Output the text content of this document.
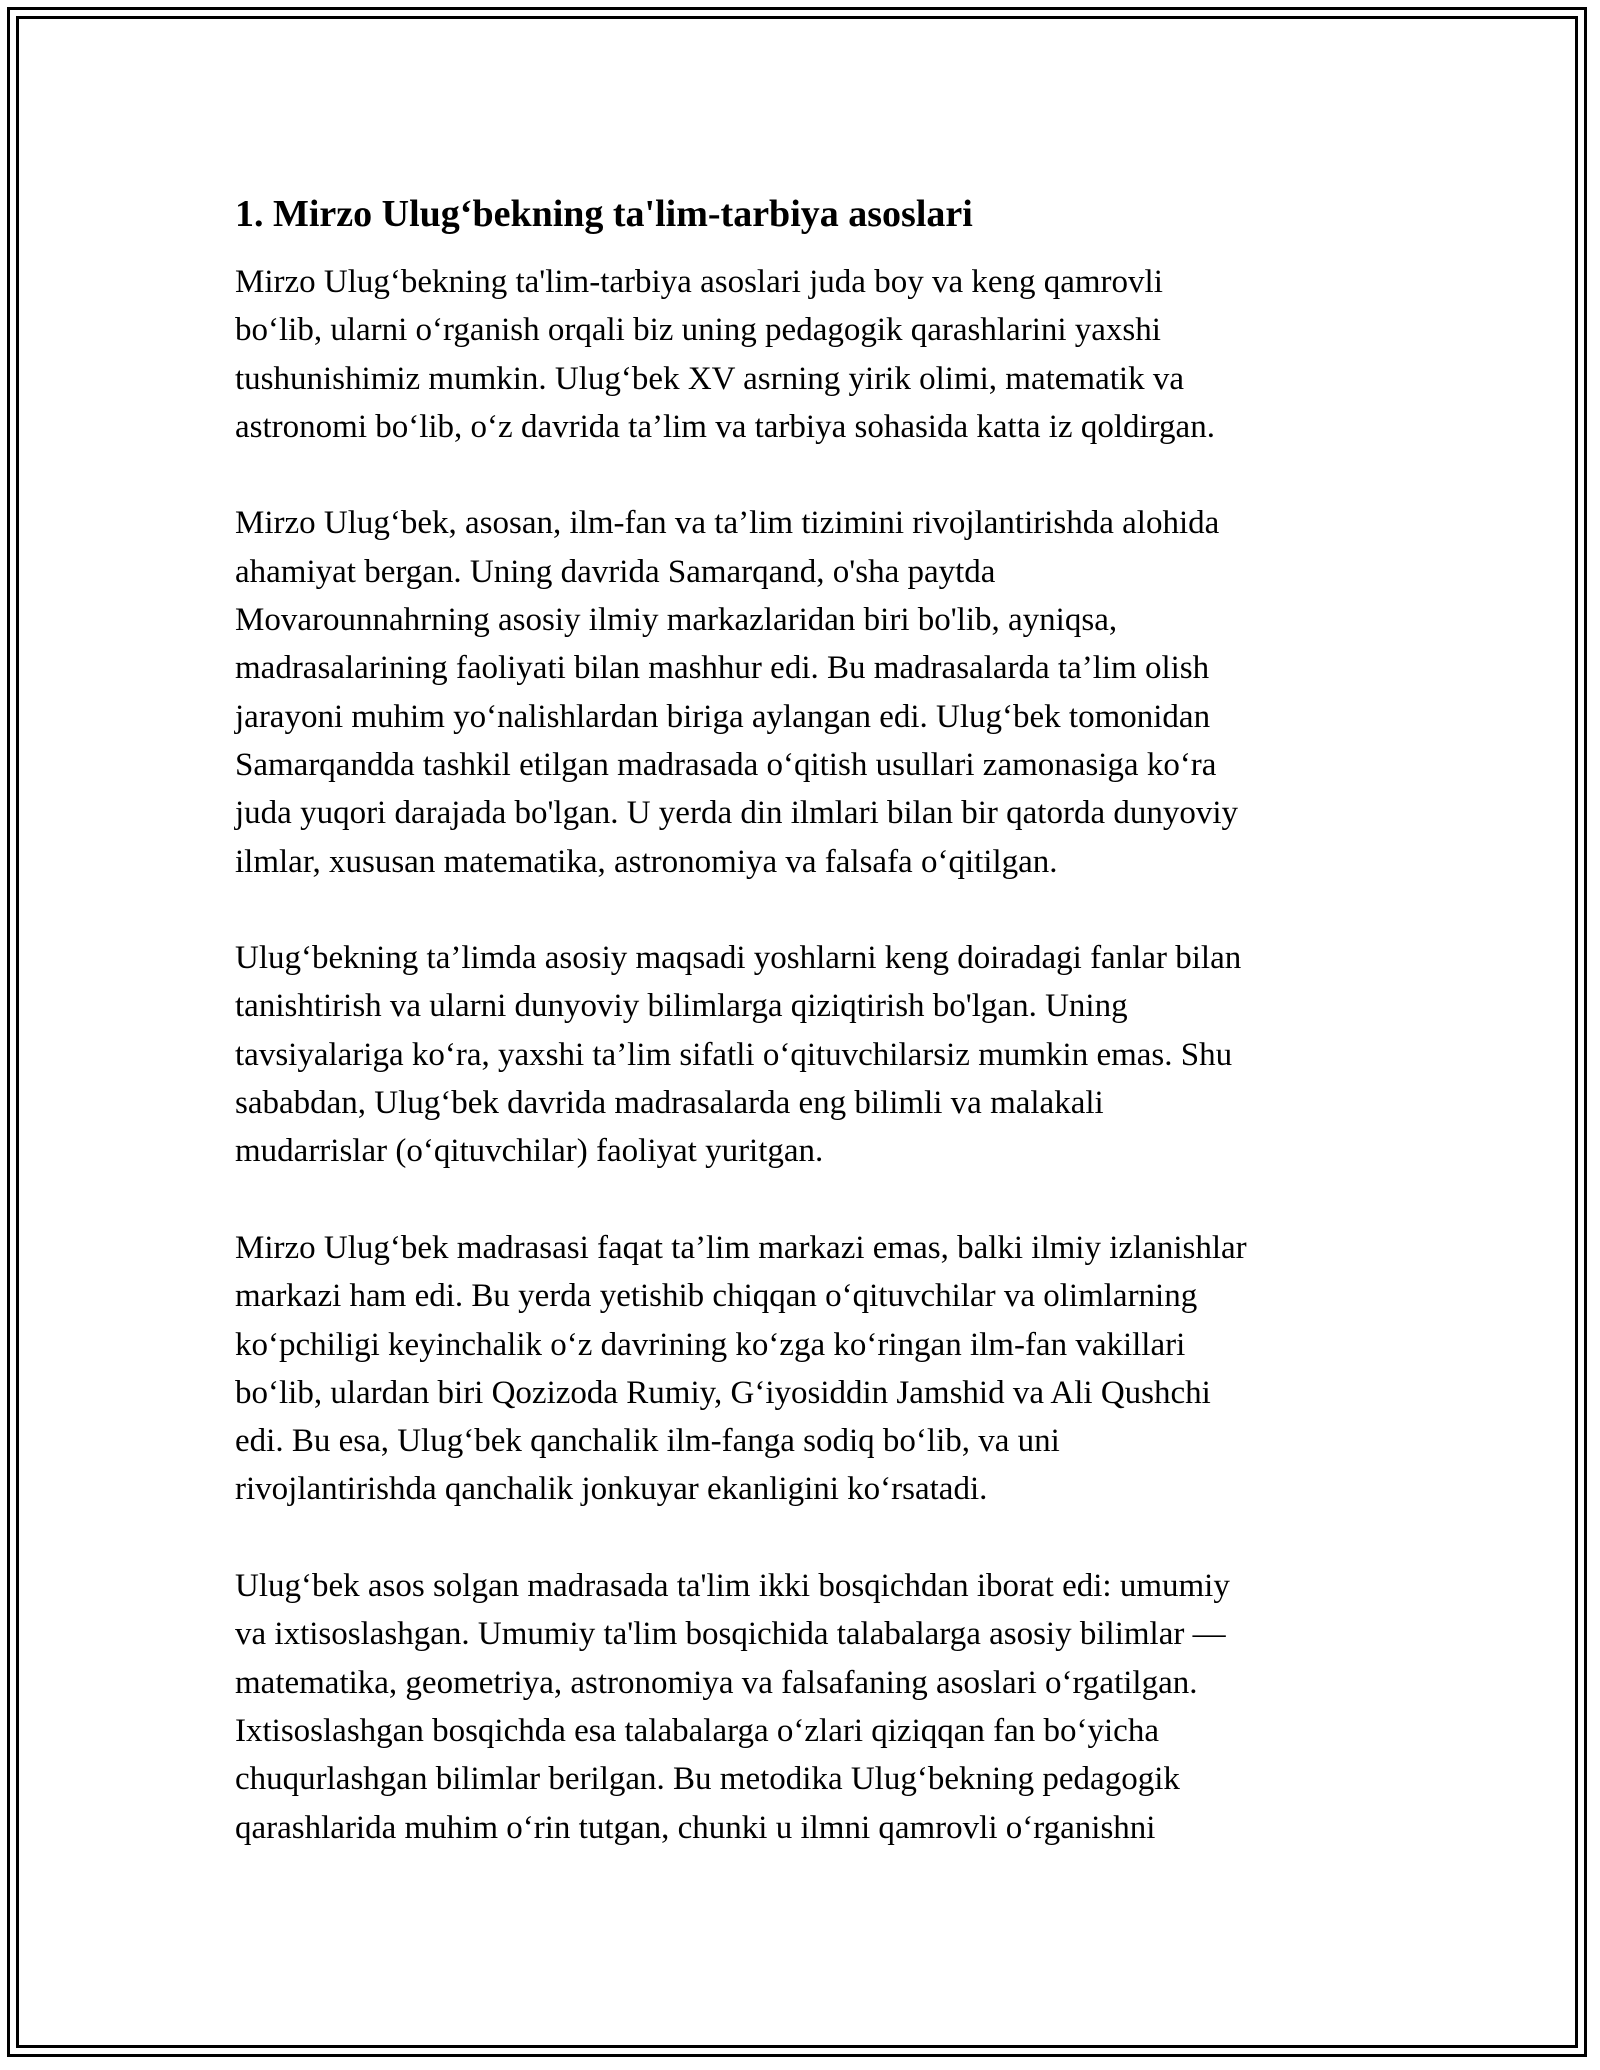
1. Mirzo Ulug‘bekning ta'lim-tarbiya asoslari
Mirzo Ulug‘bekning ta'lim-tarbiya asoslari juda boy va keng qamrovli
bo‘lib, ularni o‘rganish orqali biz uning pedagogik qarashlarini yaxshi
tushunishimiz mumkin. Ulug‘bek XV asrning yirik olimi, matematik va
astronomi bo‘lib, o‘z davrida ta’lim va tarbiya sohasida katta iz qoldirgan.
Mirzo Ulug‘bek, asosan, ilm-fan va ta’lim tizimini rivojlantirishda alohida
ahamiyat bergan. Uning davrida Samarqand, o'sha paytda
Movarounnahrning asosiy ilmiy markazlaridan biri bo'lib, ayniqsa,
madrasalarining faoliyati bilan mashhur edi. Bu madrasalarda ta’lim olish
jarayoni muhim yo‘nalishlardan biriga aylangan edi. Ulug‘bek tomonidan
Samarqandda tashkil etilgan madrasada o‘qitish usullari zamonasiga ko‘ra
juda yuqori darajada bo'lgan. U yerda din ilmlari bilan bir qatorda dunyoviy
ilmlar, xususan matematika, astronomiya va falsafa o‘qitilgan.
Ulug‘bekning ta’limda asosiy maqsadi yoshlarni keng doiradagi fanlar bilan
tanishtirish va ularni dunyoviy bilimlarga qiziqtirish bo'lgan. Uning
tavsiyalariga ko‘ra, yaxshi ta’lim sifatli o‘qituvchilarsiz mumkin emas. Shu
sababdan, Ulug‘bek davrida madrasalarda eng bilimli va malakali
mudarrislar (o‘qituvchilar) faoliyat yuritgan.
Mirzo Ulug‘bek madrasasi faqat ta’lim markazi emas, balki ilmiy izlanishlar
markazi ham edi. Bu yerda yetishib chiqqan o‘qituvchilar va olimlarning
ko‘pchiligi keyinchalik o‘z davrining ko‘zga ko‘ringan ilm-fan vakillari
bo‘lib, ulardan biri Qozizoda Rumiy, G‘iyosiddin Jamshid va Ali Qushchi
edi. Bu esa, Ulug‘bek qanchalik ilm-fanga sodiq bo‘lib, va uni
rivojlantirishda qanchalik jonkuyar ekanligini ko‘rsatadi.
Ulug‘bek asos solgan madrasada ta'lim ikki bosqichdan iborat edi: umumiy
va ixtisoslashgan. Umumiy ta'lim bosqichida talabalarga asosiy bilimlar —
matematika, geometriya, astronomiya va falsafaning asoslari o‘rgatilgan.
Ixtisoslashgan bosqichda esa talabalarga o‘zlari qiziqqan fan bo‘yicha
chuqurlashgan bilimlar berilgan. Bu metodika Ulug‘bekning pedagogik
qarashlarida muhim o‘rin tutgan, chunki u ilmni qamrovli o‘rganishni
